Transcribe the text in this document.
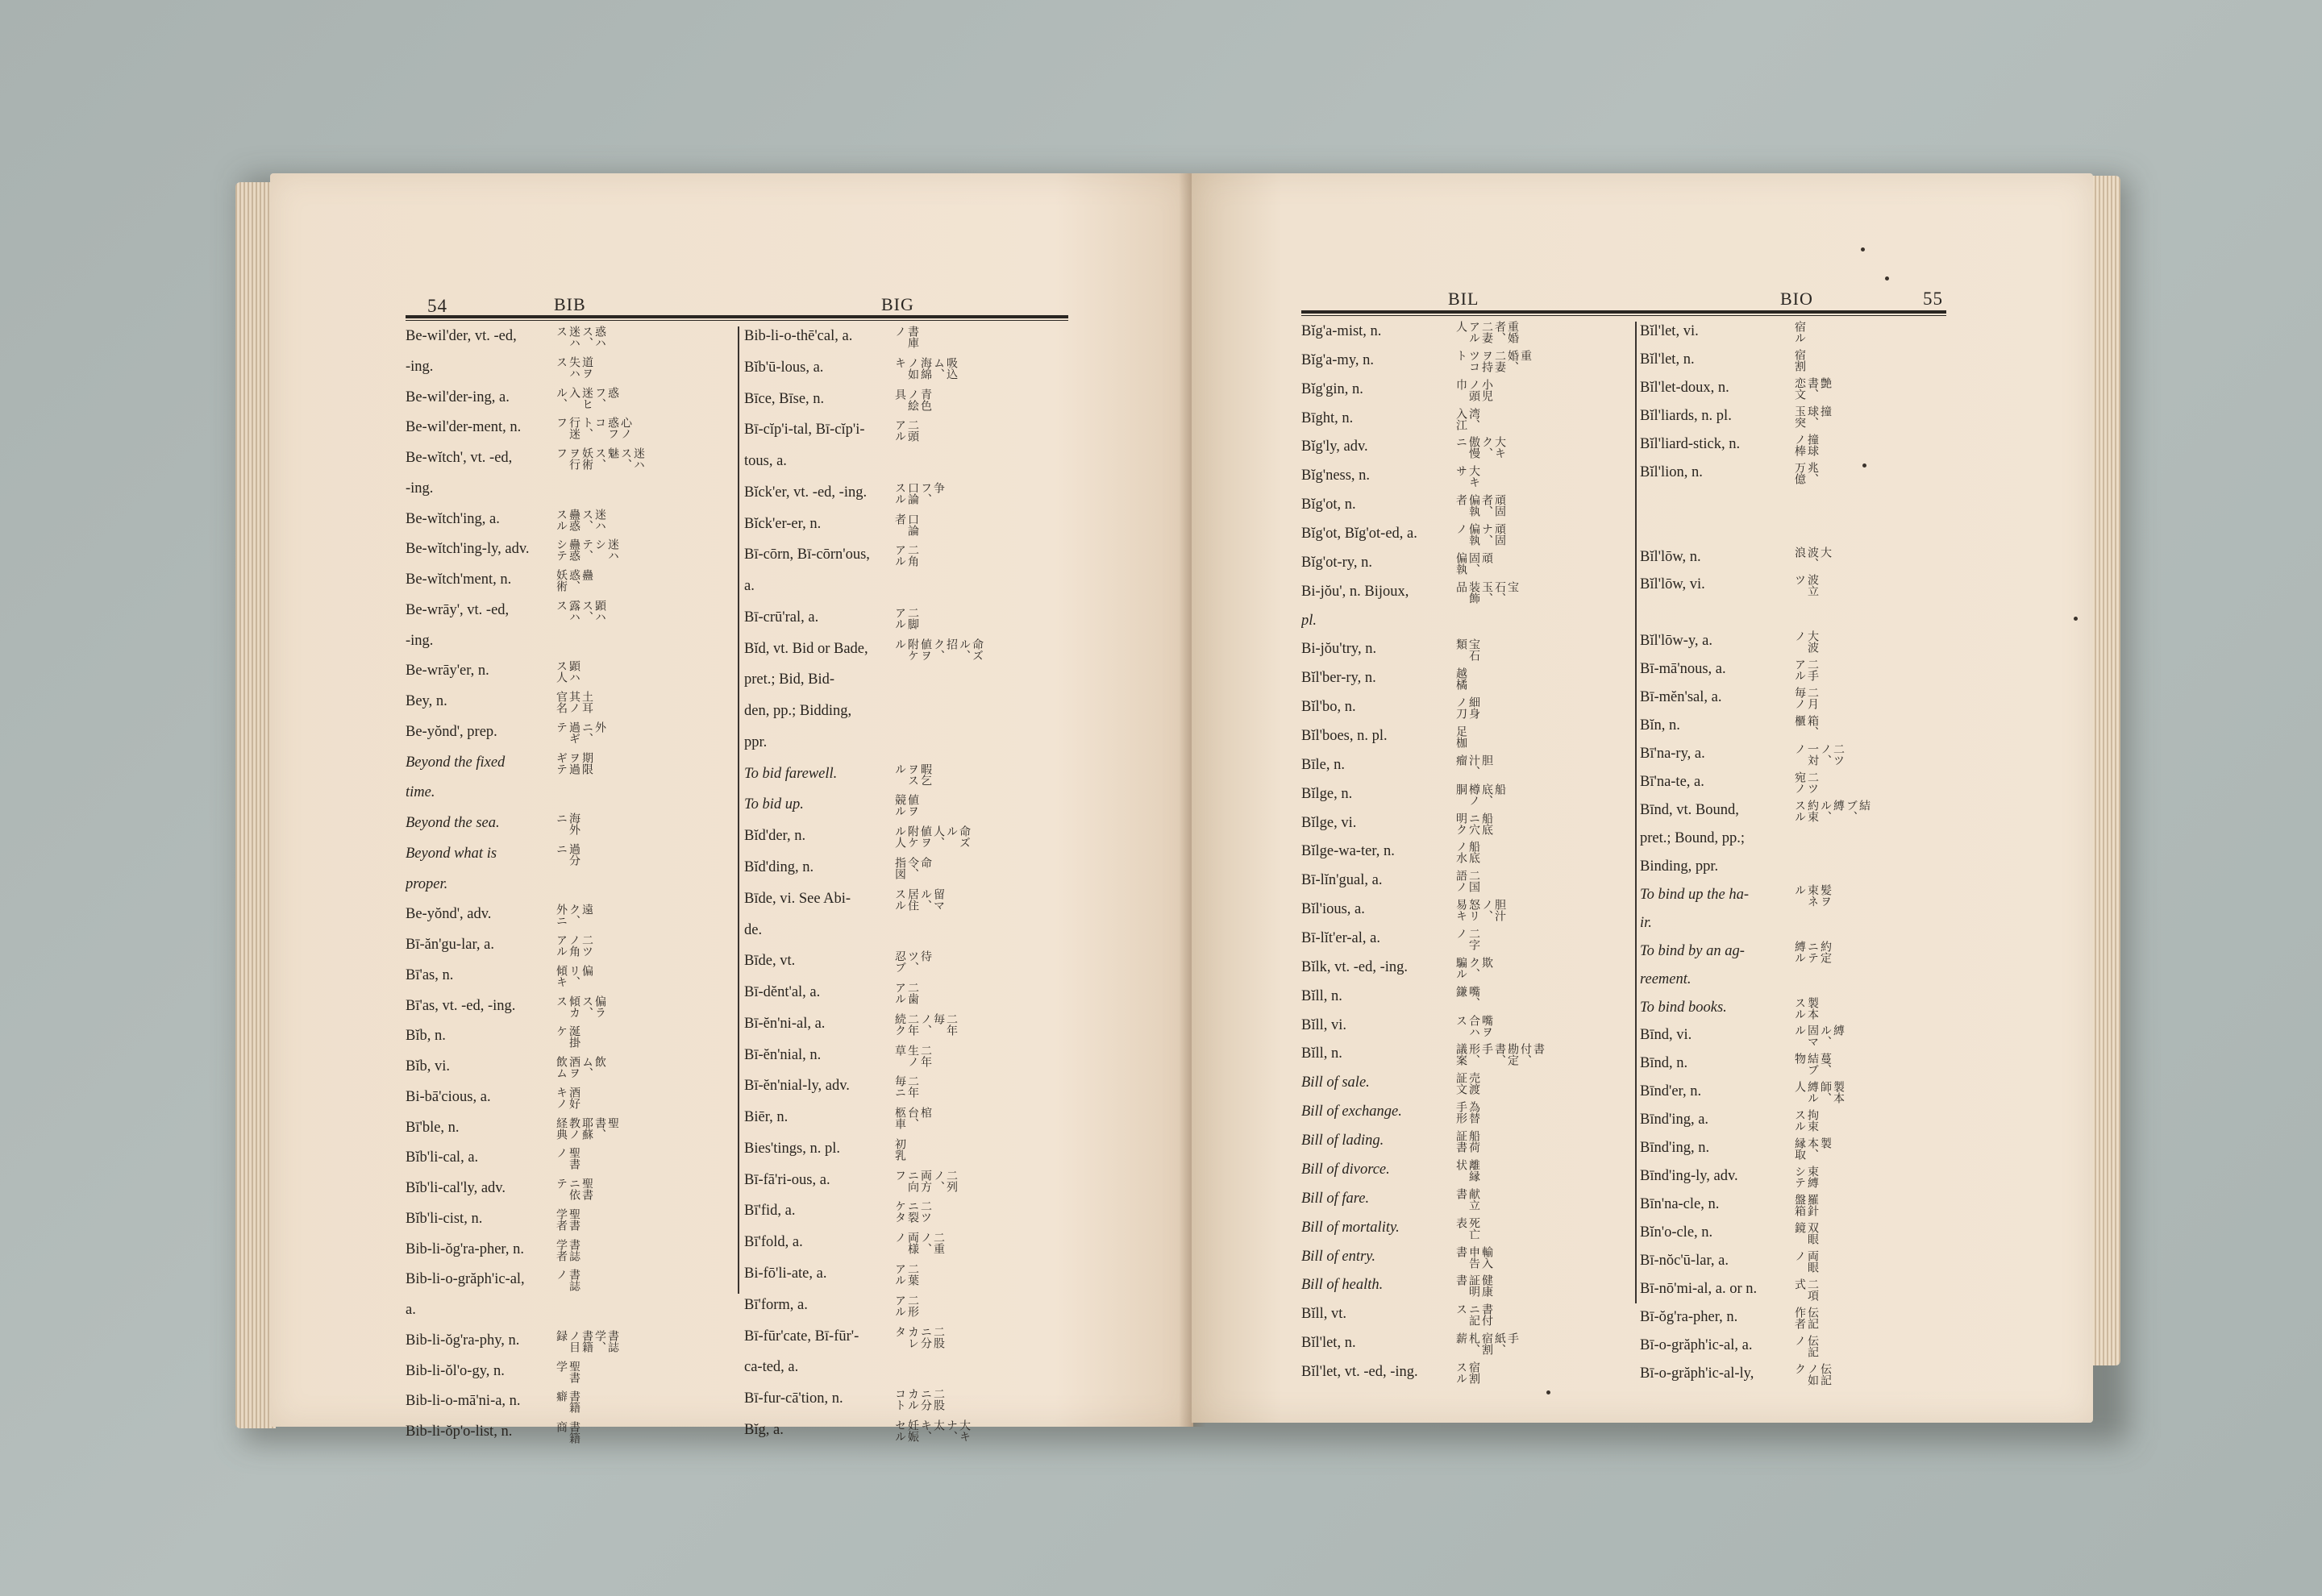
54	BIB	BIG
Be-wil'der, vt. -ed,	惑ハス、迷ハス
-ing.	道ヲ失ハス
Be-wil'der-ing, a.	惑フ、迷ヒ入ル、
Be-wil'der-ment, n.	心ノ惑フコト、行迷フ
Be-wĭtch', vt. -ed,	迷ハス、魅ス、妖術ヲ行フ
-ing.
Be-wĭtch'ing, a.	迷ハス、蠱惑スル
Be-wĭtch'ing-ly, adv.	迷ハシテ、蠱惑シテ
Be-wĭtch'ment, n.	蠱惑、妖術
Be-wrāy', vt. -ed,	顕ハス、露ハス
-ing.
Be-wrāy'er, n.	顕ハス人
Bey, n.	土耳其ノ官名
Be-yŏnd', prep.	外ニ、過ギテ
Beyond the fixed	期限ヲ過ギテ
time.
Beyond the sea.	海外ニ
Beyond what is	過分ニ
proper.
Be-yŏnd', adv.	遠ク、外ニ
Bī-ăn'gu-lar, a.	二ツノ角アル
Bī'as, n.	偏リ、傾キ
Bī'as, vt. -ed, -ing.	偏ラス、傾カス
Bĭb, n.	涎掛ケ
Bĭb, vi.	飲ム、酒ヲ飲ム
Bi-bā'cious, a.	酒好キノ
Bī'ble, n.	聖書、耶蘇教ノ経典
Bĭb'li-cal, a.	聖書ノ
Bĭb'li-cal'ly, adv.	聖書ニ依テ
Bĭb'li-cist, n.	聖書学者
Bib-li-ŏg'ra-pher, n.	書誌学者
Bib-li-o-grăph'ic-al,	書誌ノ
a.
Bib-li-ŏg'ra-phy, n.	書誌学、書籍ノ目録
Bib-li-ŏl'o-gy, n.	聖書学
Bib-li-o-mā'ni-a, n.	書籍癖
Bib-li-ŏp'o-list, n.	書籍商
Bib-li-o-thē'cal, a.	書庫ノ
Bĭb'ū-lous, a.	吸込ム、海綿ノ如キ
Bīce, Bīse, n.	青色ノ絵具
Bī-cĭp'i-tal, Bī-cĭp'i-	二頭アル
tous, a.
Bĭck'er, vt. -ed, -ing.	争フ、口論スル
Bĭck'er-er, n.	口論者
Bī-cōrn, Bī-cōrn'ous,	二角アル
a.
Bī-crū'ral, a.	二脚アル
Bĭd, vt. Bid or Bade,	命ズル、招ク、値ヲ附ケル
pret.; Bid, Bid-
den, pp.; Bidding,
ppr.
To bid farewell.	暇乞ヲスル
To bid up.	値ヲ競ル
Bĭd'der, n.	命ズル人、値ヲ附ケル人
Bĭd'ding, n.	命令、指図
Bīde, vi. See Abi-	留マル、居住スル
de.
Bīde, vt.	待ツ、忍ブ
Bī-dĕnt'al, a.	二歯アル
Bī-ĕn'ni-al, a.	二年毎ノ、二年続ク
Bī-ĕn'nial, n.	二年生ノ草
Bī-ĕn'nial-ly, adv.	二年毎ニ
Biēr, n.	棺台、柩車
Bies'tings, n. pl.	初乳
Bī-fā'ri-ous, a.	二列ノ、両方ニ向フ
Bī'fid, a.	二ツニ裂ケタ
Bī'fold, a.	二重ノ、両様ノ
Bi-fō'li-ate, a.	二葉アル
Bī'form, a.	二形アル
Bī-fūr'cate, Bī-fūr'-	二股ニ分カレタ
ca-ted, a.
Bī-fur-cā'tion, n.	二股ニ分カルコト
Bĭg, a.	大キナ、太キ、妊娠セル
BIL	BIO	55
Bĭg'a-mist, n.	重婚者、二妻アル人
Bĭg'a-my, n.	重婚、二妻ヲ持ツコト
Bĭg'gin, n.	小児ノ頭巾
Bīght, n.	湾、入江
Bĭg'ly, adv.	大キク、傲慢ニ
Bĭg'ness, n.	大キサ
Bĭg'ot, n.	頑固者、偏執者
Bĭg'ot, Bĭg'ot-ed, a.	頑固ナ、偏執ノ
Bĭg'ot-ry, n.	頑固、偏執
Bi-jŏu', n. Bijoux,	宝石、玉、装飾品
pl.
Bi-jŏu'try, n.	宝石類
Bĭl'ber-ry, n.	越橘
Bĭl'bo, n.	細身ノ刀
Bĭl'boes, n. pl.	足枷
Bīle, n.	胆汁、瘤
Bĭlge, n.	船底、樽ノ胴
Bĭlge, vi.	船底ニ穴明ク
Bĭlge-wa-ter, n.	船底ノ水
Bī-lĭn'gual, a.	二国語ノ
Bĭl'ious, a.	胆汁ノ、怒リ易キ
Bī-lĭt'er-al, a.	二字ノ
Bĭlk, vt. -ed, -ing.	欺ク、騙ル
Bĭll, n.	嘴、鎌
Bĭll, vi.	嘴ヲ合ハス
Bĭll, n.	書付、勘定書、手形、議案
Bill of sale.	売渡証文
Bill of exchange.	為替手形
Bill of lading.	船荷証書
Bill of divorce.	離縁状
Bill of fare.	献立書
Bill of mortality.	死亡表
Bill of entry.	輸入申告書
Bill of health.	健康証明書
Bĭll, vt.	書付ニ記ス
Bĭl'let, n.	手紙、宿割札、薪
Bĭl'let, vt. -ed, -ing.	宿割スル
Bĭl'let, vi.	宿ル
Bĭl'let, n.	宿割
Bĭl'let-doux, n.	艶書、恋文
Bĭl'liards, n. pl.	撞球、玉突
Bĭl'liard-stick, n.	撞球ノ棒
Bĭl'lion, n.	兆、万億
Bĭl'lōw, n.	大波、浪
Bĭl'lōw, vi.	波立ツ
Bĭl'lōw-y, a.	大波ノ
Bī-mā'nous, a.	二手アル
Bī-mĕn'sal, a.	二月毎ノ
Bĭn, n.	箱、櫃
Bī'na-ry, a.	二ツノ、一対ノ
Bī'na-te, a.	二ツ宛ノ
Bīnd, vt. Bound,	結ブ、縛ル、約束スル
pret.; Bound, pp.;
Binding, ppr.
To bind up the ha-	髪ヲ束ネル
ir.
To bind by an ag-	約定ニテ縛ル
reement.
To bind books.	製本スル
Bīnd, vi.	縛ル、固マル
Bīnd, n.	蔓、結ブ物
Bīnd'er, n.	製本師、縛ル人
Bīnd'ing, a.	拘束スル
Bīnd'ing, n.	製本、縁取
Bīnd'ing-ly, adv.	束縛シテ
Bīn'na-cle, n.	羅針盤箱
Bĭn'o-cle, n.	双眼鏡
Bī-nŏc'ū-lar, a.	両眼ノ
Bī-nō'mi-al, a. or n.	二項式
Bī-ŏg'ra-pher, n.	伝記作者
Bī-o-grăph'ic-al, a.	伝記ノ
Bī-o-grăph'ic-al-ly,	伝記ノ如ク
